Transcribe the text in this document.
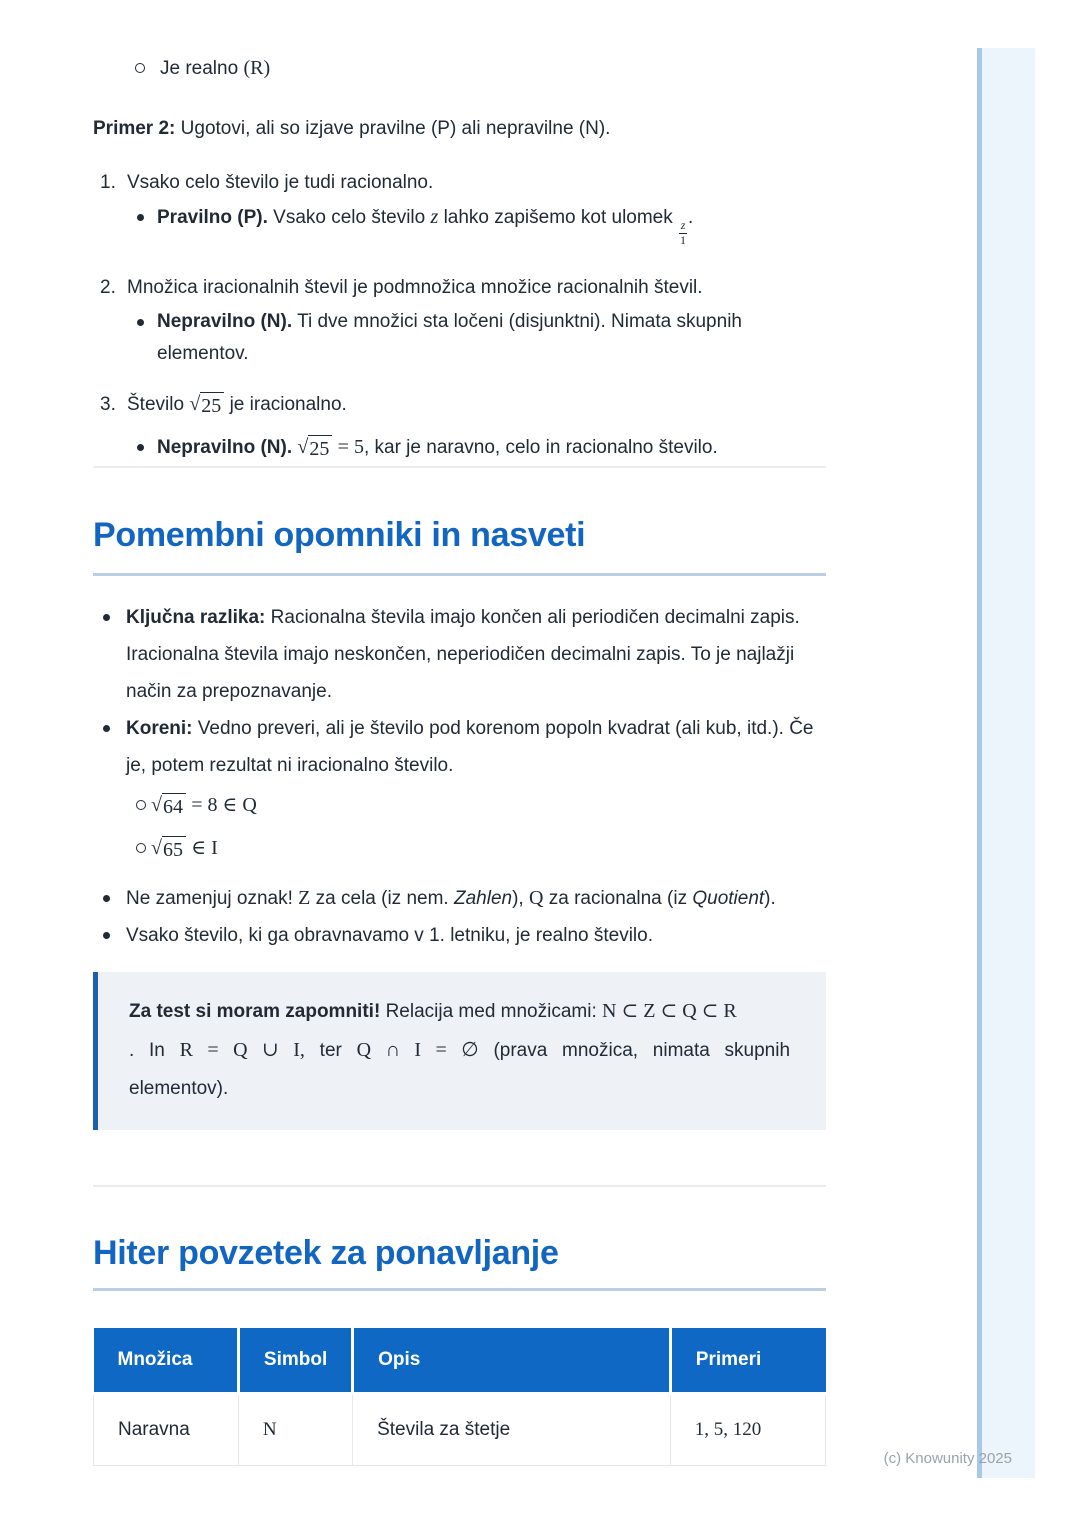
(c) Knowunity 2025
Je realno (R)

Primer 2: Ugotovi, ali so izjave pravilne (P) ali nepravilne (N).

1. Vsako celo število je tudi racionalno.
Pravilno (P). Vsako celo število z lahko zapišemo kot ulomek
$\frac{z}{1}$
.
2. Množica iracionalnih števil je podmnožica množice racionalnih števil.
Nepravilno (N). Ti dve množici sta ločeni (disjunktni). Nimata skupnih elementov.
3. Število √ 25 je iracionalno.
Nepravilno (N). √ 25 = 5, kar je naravno, celo in racionalno število.
Pomembni opomniki in nasveti
Ključna razlika: Racionalna števila imajo končen ali periodičen decimalni zapis. Iracionalna števila imajo neskončen, neperiodičen decimalni zapis. To je najlažji način za prepoznavanje.
Koreni: Vedno preveri, ali je število pod korenom popoln kvadrat (ali kub, itd.). Če je, potem rezultat ni iracionalno število.
√ 64 = 8 ∈ Q
√ 65 ∈ I
Ne zamenjuj oznak! Z za cela (iz nem. Zahlen), Q za racionalna (iz Quotient).
Vsako število, ki ga obravnavamo v 1. letniku, je realno število.
Za test si moram zapomniti! Relacija med množicami: N ⊂ Z ⊂ Q ⊂ R
. In R = Q ∪ I, ter Q ∩ I = ∅ (prava množica, nimata skupnih
elementov).
Hiter povzetek za ponavljanje
Množica	Simbol	Opis	Primeri
Naravna	N	Števila za štetje	1, 5, 120
